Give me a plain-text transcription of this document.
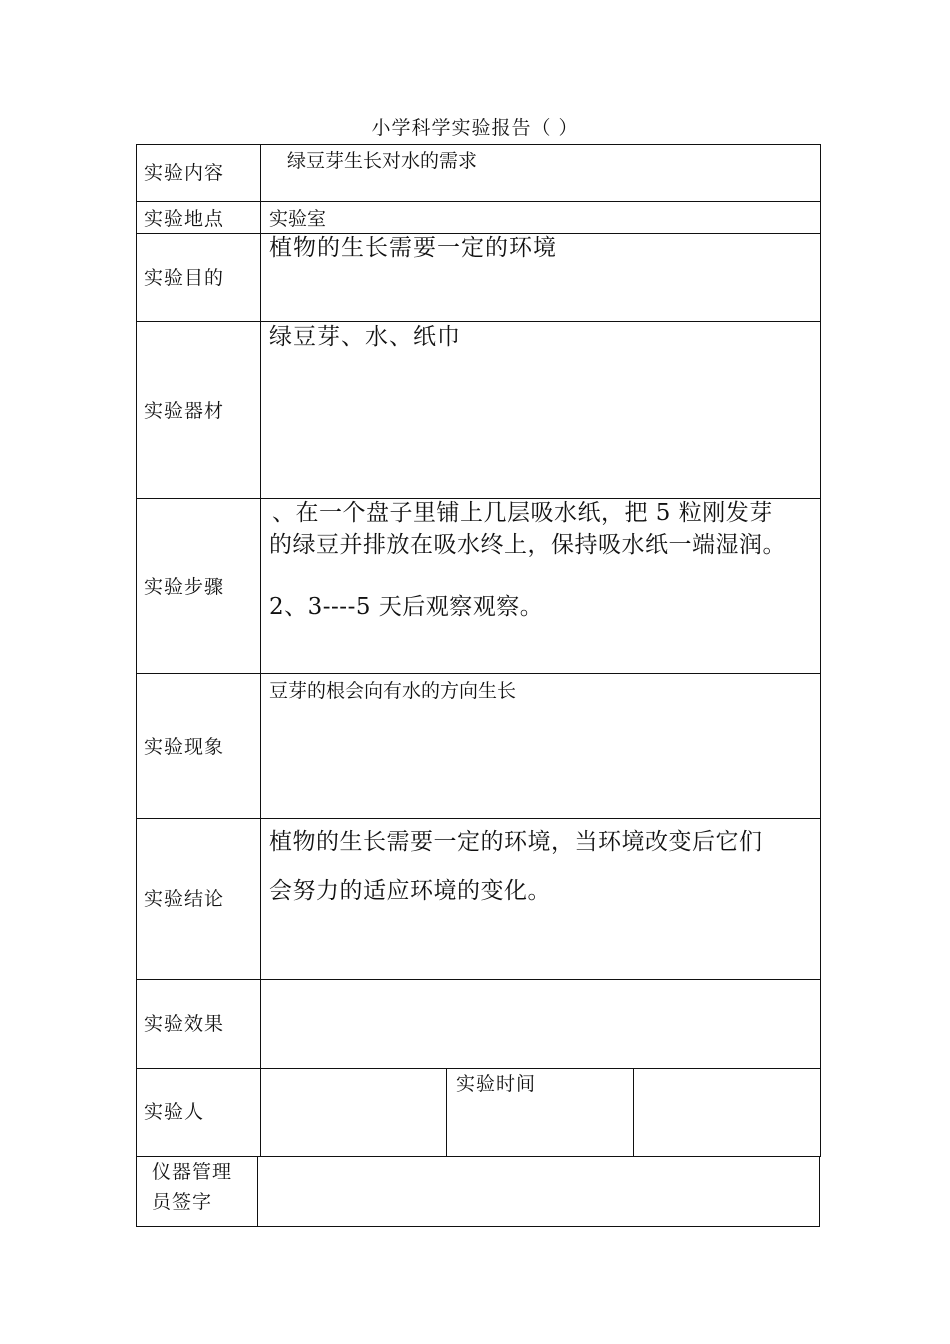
小学科学实验报告（ ）
实验内容
绿豆芽生长对水的需求
实验地点 实验室
实验目的
植物的生长需要一定的环境
实验器材
绿豆芽、水、纸巾
实验步骤
、在一个盘子里铺上几层吸水纸，把 5 粒刚发芽
的绿豆并排放在吸水终上，保持吸水纸一端湿润。
2、3----5 天后观察观察。
实验现象
豆芽的根会向有水的方向生长
实验结论
植物的生长需要一定的环境，当环境改变后它们
会努力的适应环境的变化。
实验效果
实验人
实验时间
仪器管理
员签字
